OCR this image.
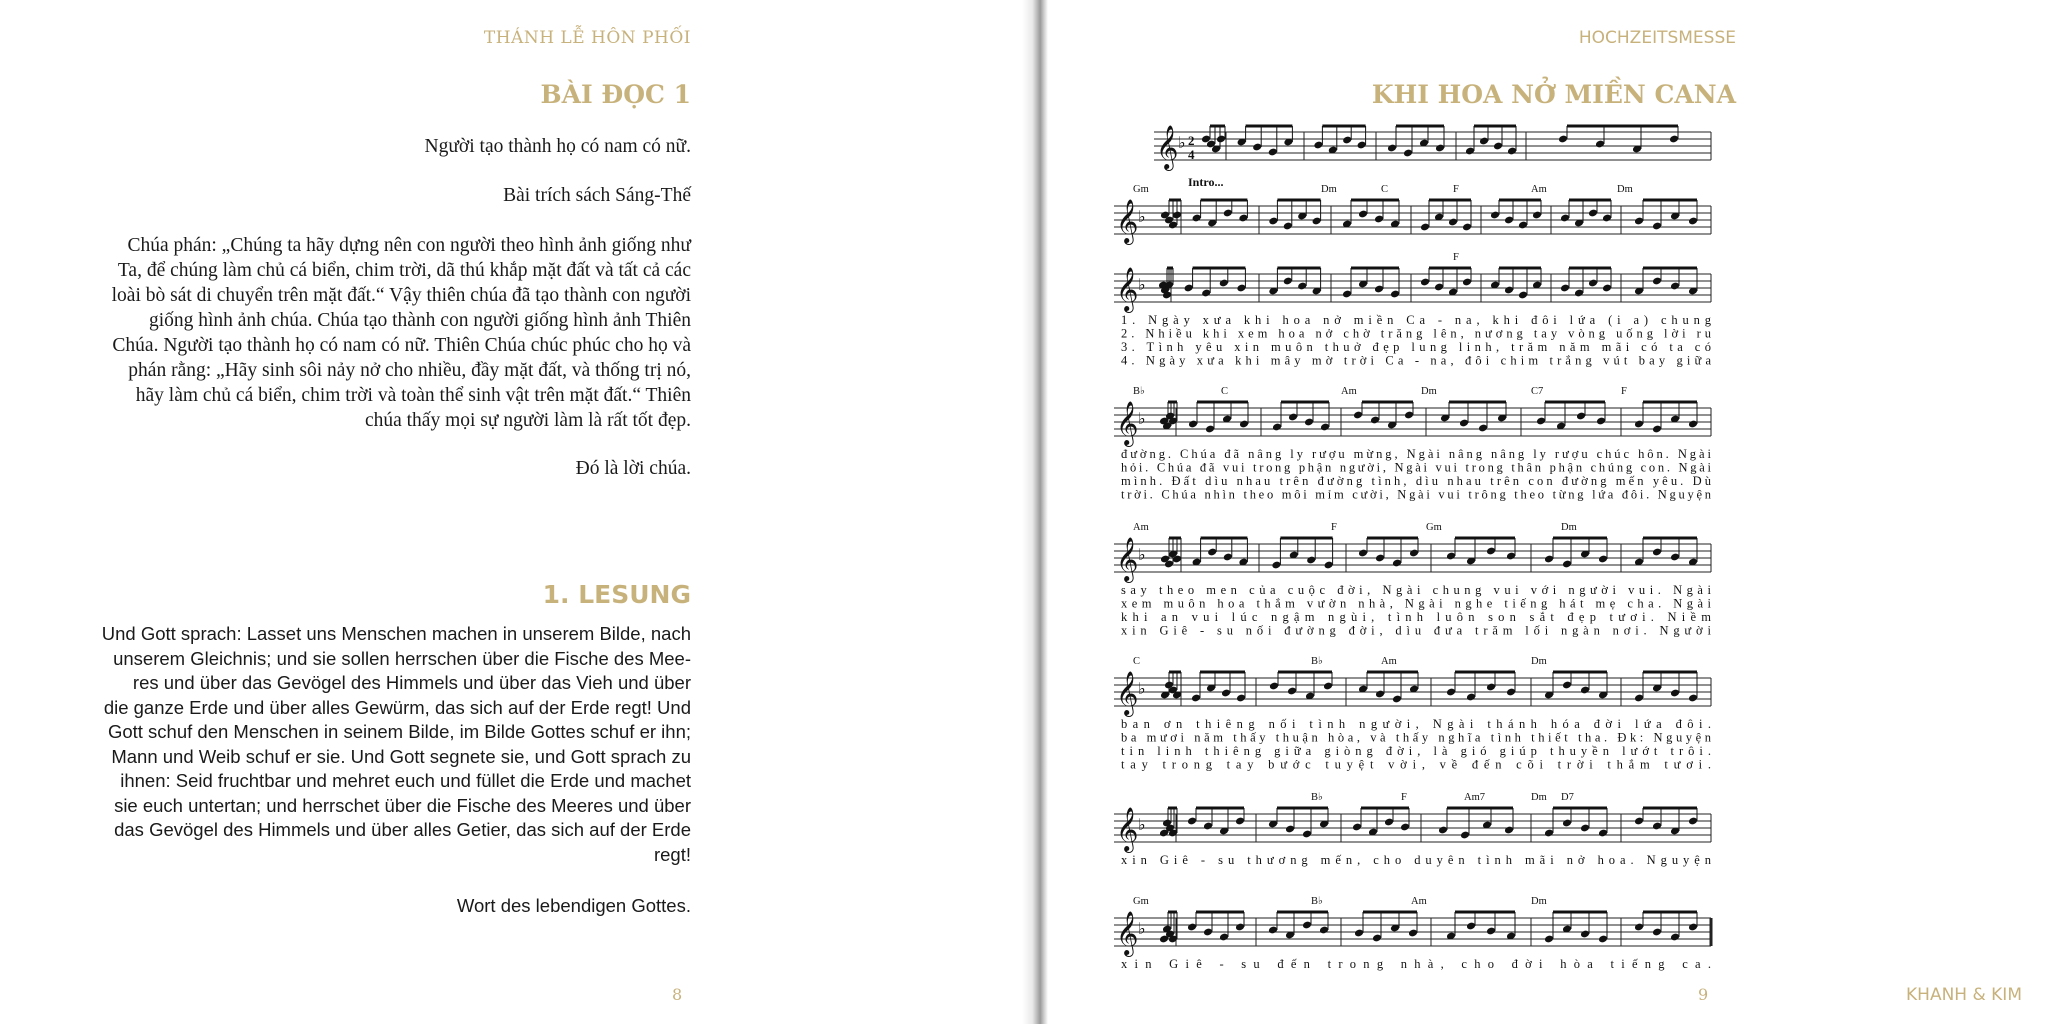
THÁNH LỄ HÔN PHỐI
BÀI ĐỌC 1
Người tạo thành họ có nam có nữ.
Bài trích sách Sáng-Thế
Chúa phán: „Chúng ta hãy dựng nên con người theo hình ảnh giống như
Ta, để chúng làm chủ cá biển, chim trời, dã thú khắp mặt đất và tất cả các
loài bò sát di chuyển trên mặt đất.“ Vậy thiên chúa đã tạo thành con người
giống hình ảnh chúa. Chúa tạo thành con người giống hình ảnh Thiên
Chúa. Người tạo thành họ có nam có nữ. Thiên Chúa chúc phúc cho họ và
phán rằng: „Hãy sinh sôi nảy nở cho nhiều, đầy mặt đất, và thống trị nó,
hãy làm chủ cá biển, chim trời và toàn thể sinh vật trên mặt đất.“ Thiên
chúa thấy mọi sự người làm là rất tốt đẹp.
Đó là lời chúa.
1. LESUNG
Und Gott sprach: Lasset uns Menschen machen in unserem Bilde, nach
unserem Gleichnis; und sie sollen herrschen über die Fische des Mee-
res und über das Gevögel des Himmels und über das Vieh und über
die ganze Erde und über alles Gewürm, das sich auf der Erde regt! Und
Gott schuf den Menschen in seinem Bilde, im Bilde Gottes schuf er ihn;
Mann und Weib schuf er sie. Und Gott segnete sie, und Gott sprach zu
ihnen: Seid fruchtbar und mehret euch und füllet die Erde und machet
sie euch untertan; und herrschet über die Fische des Meeres und über
das Gevögel des Himmels und über alles Getier, das sich auf der Erde
regt!
Wort des lebendigen Gottes.
8
HOCHZEITSMESSE
KHI HOA NỞ MIỀN CANA
𝄞 ♭ 2
4
Intro...
𝄞 ♭
Gm	Dm	C	F	Am	Dm
𝄞 ♭
F
1. Ngày xưa khi hoa nở miền Ca - na, khi đôi lứa (i a) chung
2. Nhiều khi xem hoa nở chờ trăng lên, nương tay vòng uống lời ru
3. Tình yêu xin muôn thuở đẹp lung linh, trăm năm mãi có ta có
4. Ngày xưa khi mây mờ trời Ca - na, đôi chim trắng vút bay giữa
𝄞 ♭
B♭	C	Am	Dm	C7	F
đường. Chúa đã nâng ly rượu mừng, Ngài nâng nâng ly rượu chúc hôn. Ngài
hỏi. Chúa đã vui trong phận người, Ngài vui trong thân phận chúng con. Ngài
mình. Đất dìu nhau trên đường tình, dìu nhau trên con đường mến yêu. Dù
trời. Chúa nhìn theo môi mỉm cười, Ngài vui trông theo từng lứa đôi. Nguyện
𝄞 ♭
Am	F	Gm	Dm
say theo men của cuộc đời, Ngài chung vui với người vui. Ngài
xem muôn hoa thắm vườn nhà, Ngài nghe tiếng hát mẹ cha. Ngài
khi an vui lúc ngậm ngùi, tình luôn son sắt đẹp tươi. Niềm
xin Giê - su nối đường đời, dìu đưa trăm lối ngàn nơi. Người
𝄞 ♭
C	B♭	Am	Dm
ban ơn thiêng nối tình người, Ngài thánh hóa đời lứa đôi.
ba mươi năm thấy thuận hòa, và thấy nghĩa tình thiết tha. Đk: Nguyện
tin linh thiêng giữa giòng đời, là gió giúp thuyền lướt trôi.
tay trong tay bước tuyệt vời, về đến cõi trời thắm tươi.
𝄞 ♭
B♭	F	Am7	Dm D7
xin Giê - su thương mến, cho duyên tình mãi nở hoa. Nguyện
𝄞 ♭
Gm	B♭	Am	Dm
xin Giê - su đến trong nhà, cho đời hòa tiếng ca.
9	KHANH & KIM
